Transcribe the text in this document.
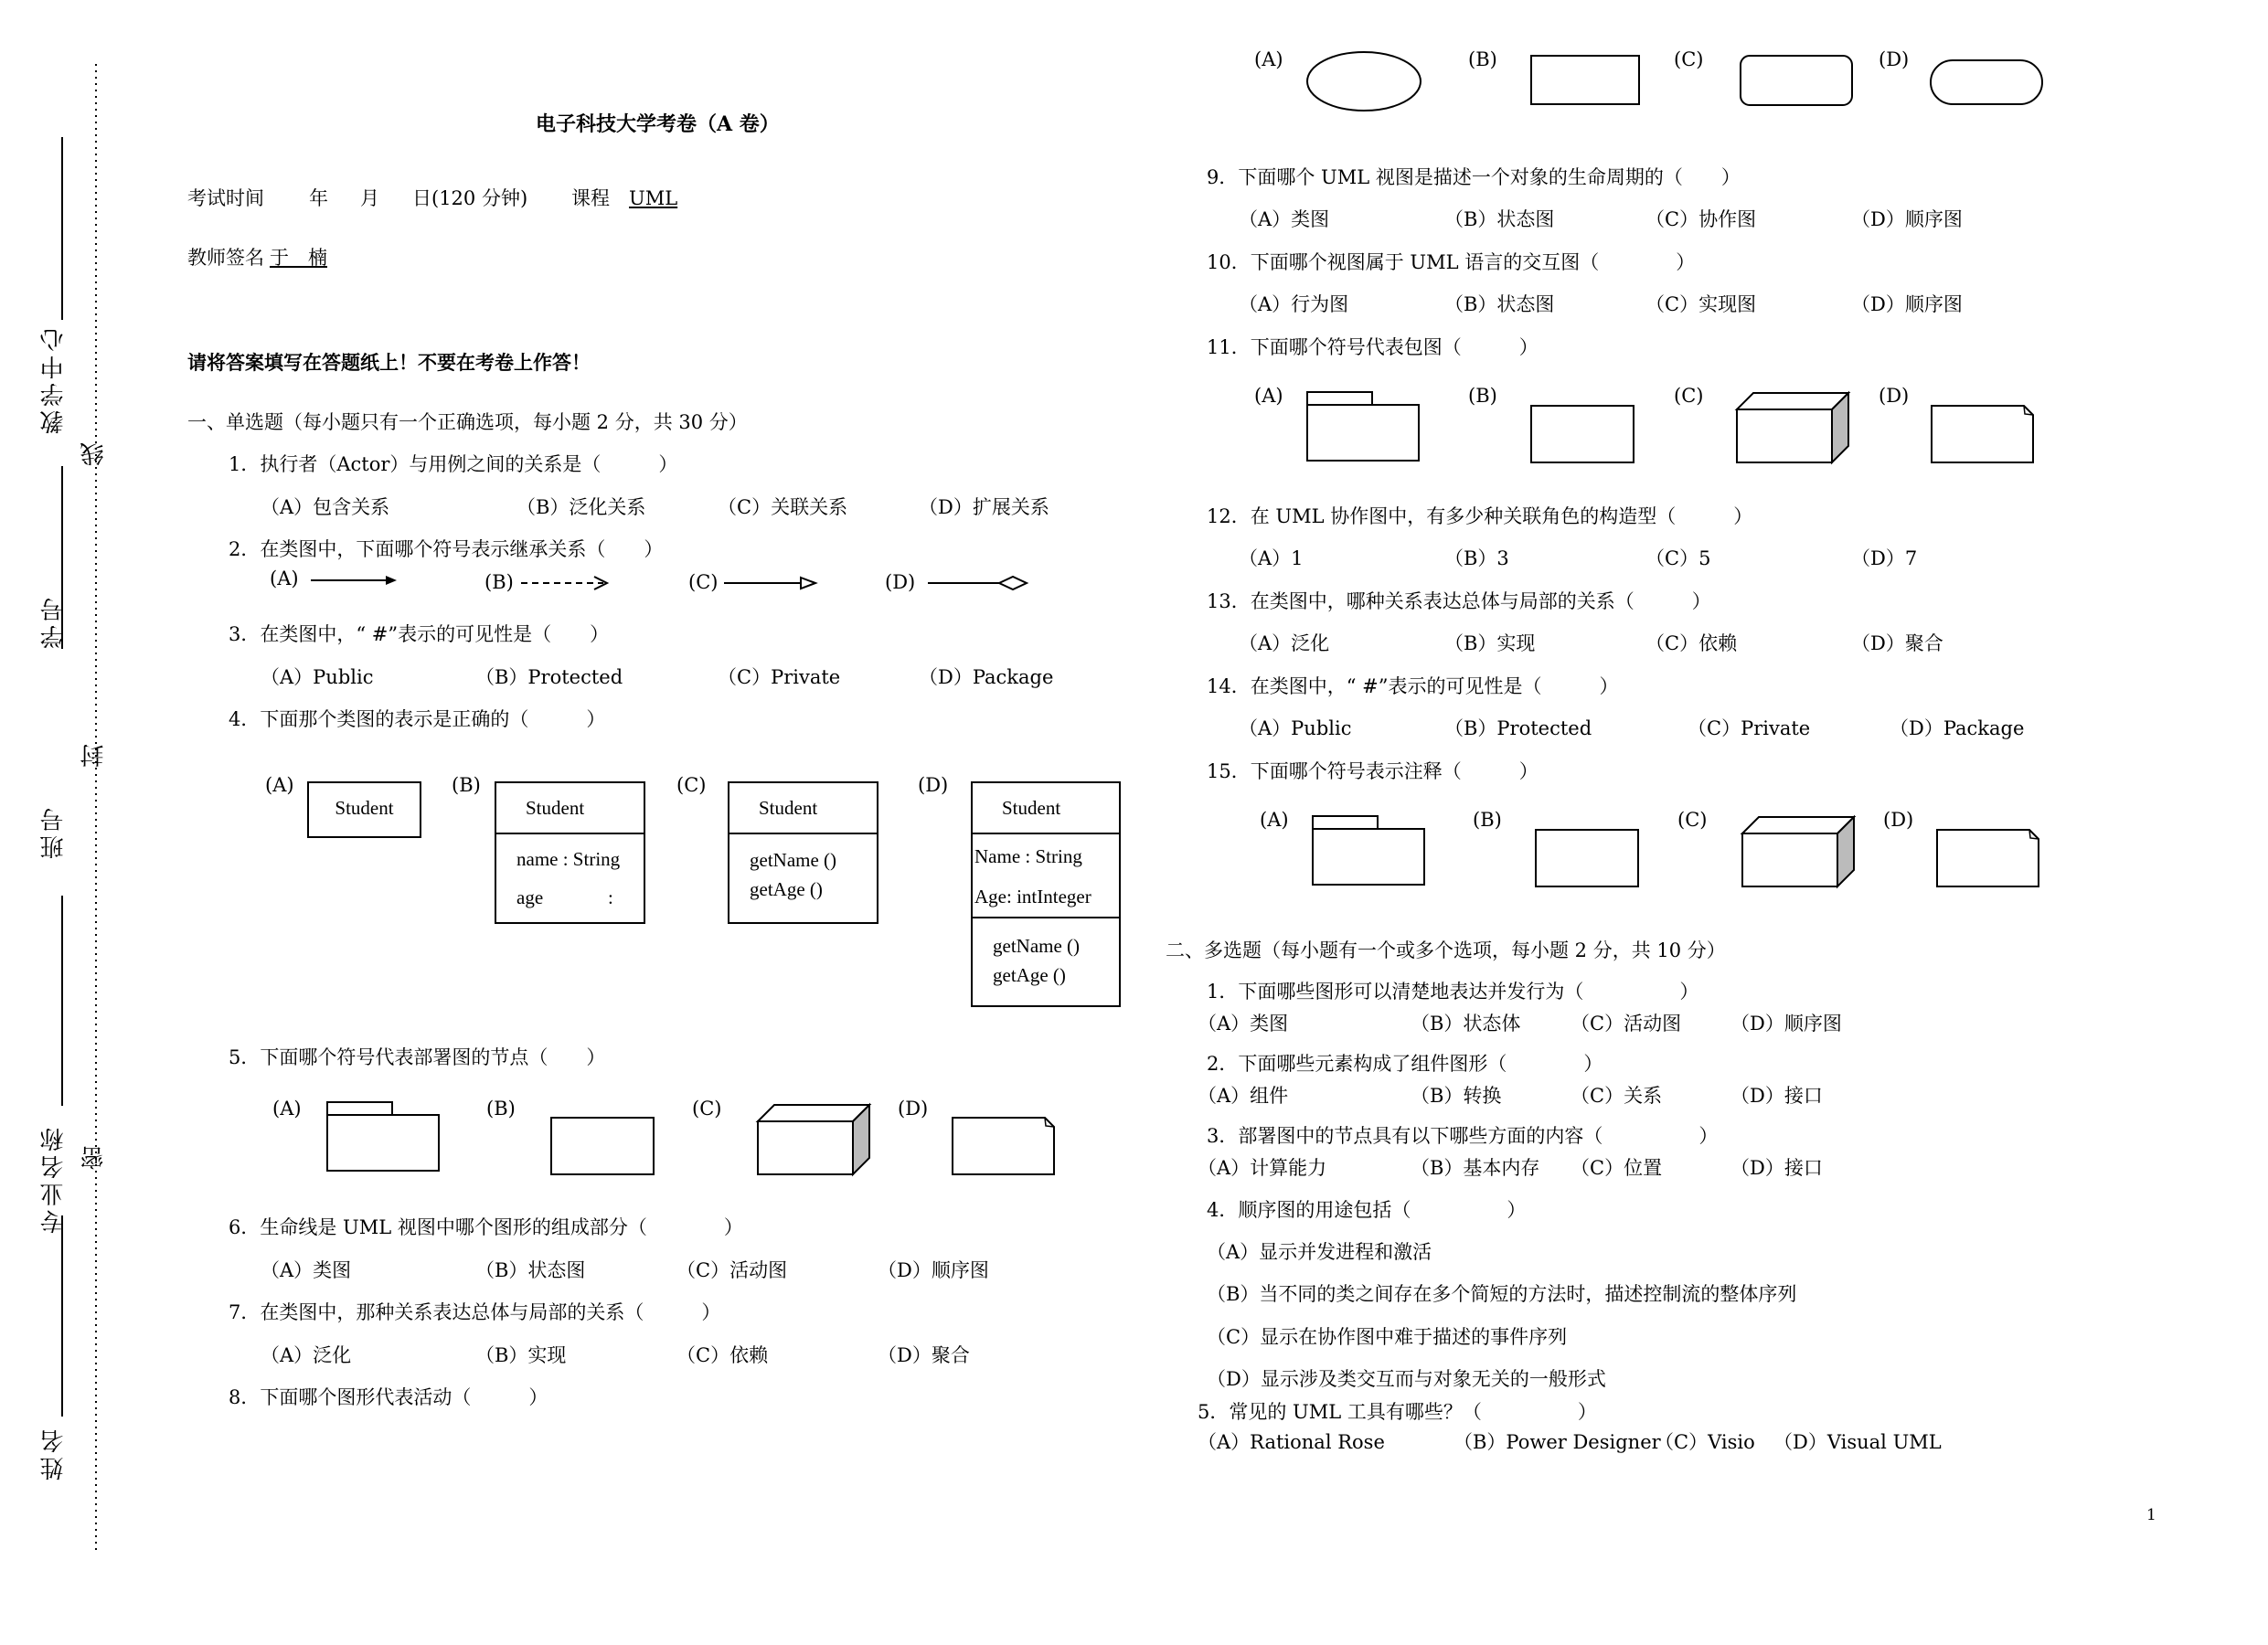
教学中心
线
学号
封
班号
专业名称 密
姓名
电子科技大学考卷（A 卷）
考试时间 年 月 日(120 分钟) 课程	UML
教师签名 于　楠
请将答案填写在答题纸上！不要在考卷上作答！
一、单选题（每小题只有一个正确选项，每小题 2 分，共 30 分）
1．执行者（Actor）与用例之间的关系是（　　　）
（A）包含关系	（B）泛化关系	（C）关联关系	（D）扩展关系
2．在类图中，下面哪个符号表示继承关系（　　）
(A)	(B)	(C)	(D)
3．在类图中，“ #”表示的可见性是（　　）
（A）Public	（B）Protected	（C）Private	（D）Package
4．下面那个类图的表示是正确的（　　　）
(A)	(B)	(C)	(D)
Student	Student
name : String
age	:
Student
getName ()
getAge ()
Student
Name : String
Age: intInteger
getName ()
getAge ()
5．下面哪个符号代表部署图的节点（　　）
(A)	(B)	(C)	(D)
6．生命线是 UML 视图中哪个图形的组成部分（　　　　）
（A）类图	（B）状态图	（C）活动图	（D）顺序图
7．在类图中，那种关系表达总体与局部的关系（　　　）
（A）泛化	（B）实现	（C）依赖	（D）聚合
8．下面哪个图形代表活动（　　　）
(A)	(B)	(C)	(D)
9．下面哪个 UML 视图是描述一个对象的生命周期的（　　）
（A）类图	（B）状态图	（C）协作图	（D）顺序图
10．下面哪个视图属于 UML 语言的交互图（　　　　）
（A）行为图	（B）状态图	（C）实现图	（D）顺序图
11．下面哪个符号代表包图（　　　）
(A)	(B)	(C)	(D)
12．在 UML 协作图中，有多少种关联角色的构造型（　　　）
（A）1	（B）3	（C）5	（D）7
13．在类图中，哪种关系表达总体与局部的关系（　　　）
（A）泛化	（B）实现	（C）依赖	（D）聚合
14．在类图中，“ #”表示的可见性是（　　　）
（A）Public	（B）Protected	（C）Private	（D）Package
15．下面哪个符号表示注释（　　　）
(A)	(B)	(C)	(D)
二、多选题（每小题有一个或多个选项，每小题 2 分，共 10 分）
1．下面哪些图形可以清楚地表达并发行为（　　　　　）
（A）类图	（B）状态体	（C）活动图	（D）顺序图
2．下面哪些元素构成了组件图形（　　　　）
（A）组件	（B）转换	（C）关系	（D）接口
3．部署图中的节点具有以下哪些方面的内容（　　　　　）
（A）计算能力	（B）基本内存 （C）位置	（D）接口
4．顺序图的用途包括（　　　　　）
（A）显示并发进程和激活
（B）当不同的类之间存在多个简短的方法时，描述控制流的整体序列
（C）显示在协作图中难于描述的事件序列
（D）显示涉及类交互而与对象无关的一般形式
5．常见的 UML 工具有哪些？（　　　　　）
（A）Rational Rose	（B）Power Designer
（C）Visio （D）Visual UML
1
